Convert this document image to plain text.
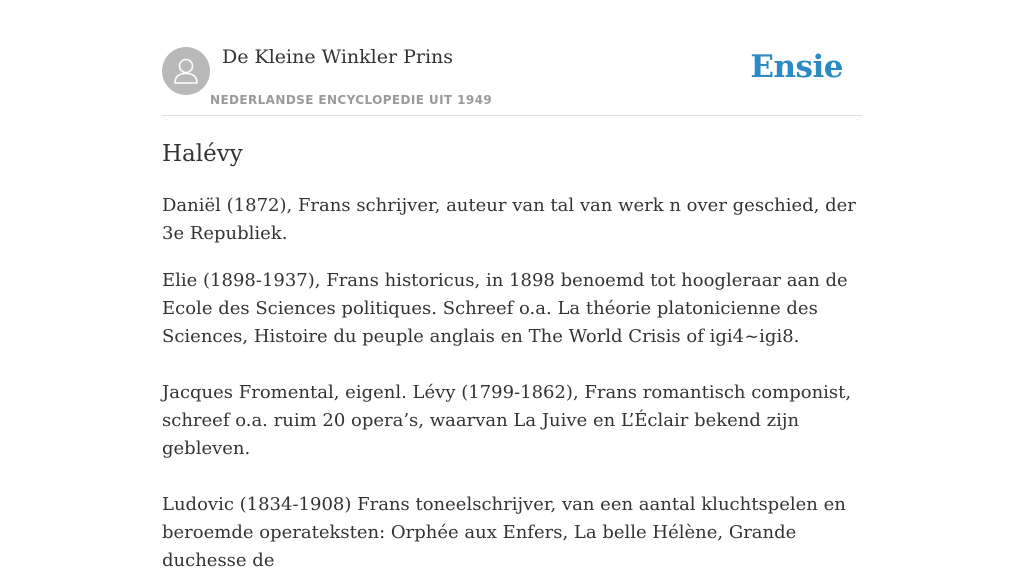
De Kleine Winkler Prins
NEDERLANDSE ENCYCLOPEDIE UIT 1949
Ensie
Halévy

Daniël (1872), Frans schrijver, auteur van tal van werk n over geschied, der 3e Republiek.

Elie (1898-1937), Frans historicus, in 1898 benoemd tot hoogleraar aan de Ecole des Sciences politiques. Schreef o.a. La théorie platonicienne des Sciences, Histoire du peuple anglais en The World Crisis of igi4~igi8.

Jacques Fromental, eigenl. Lévy (1799-1862), Frans romantisch componist, schreef o.a. ruim 20 opera’s, waarvan La Juive en L’Éclair bekend zijn gebleven.

Ludovic (1834-1908) Frans toneelschrijver, van een aantal kluchtspelen en beroemde operateksten: Orphée aux Enfers, La belle Hélène, Grande duchesse de
